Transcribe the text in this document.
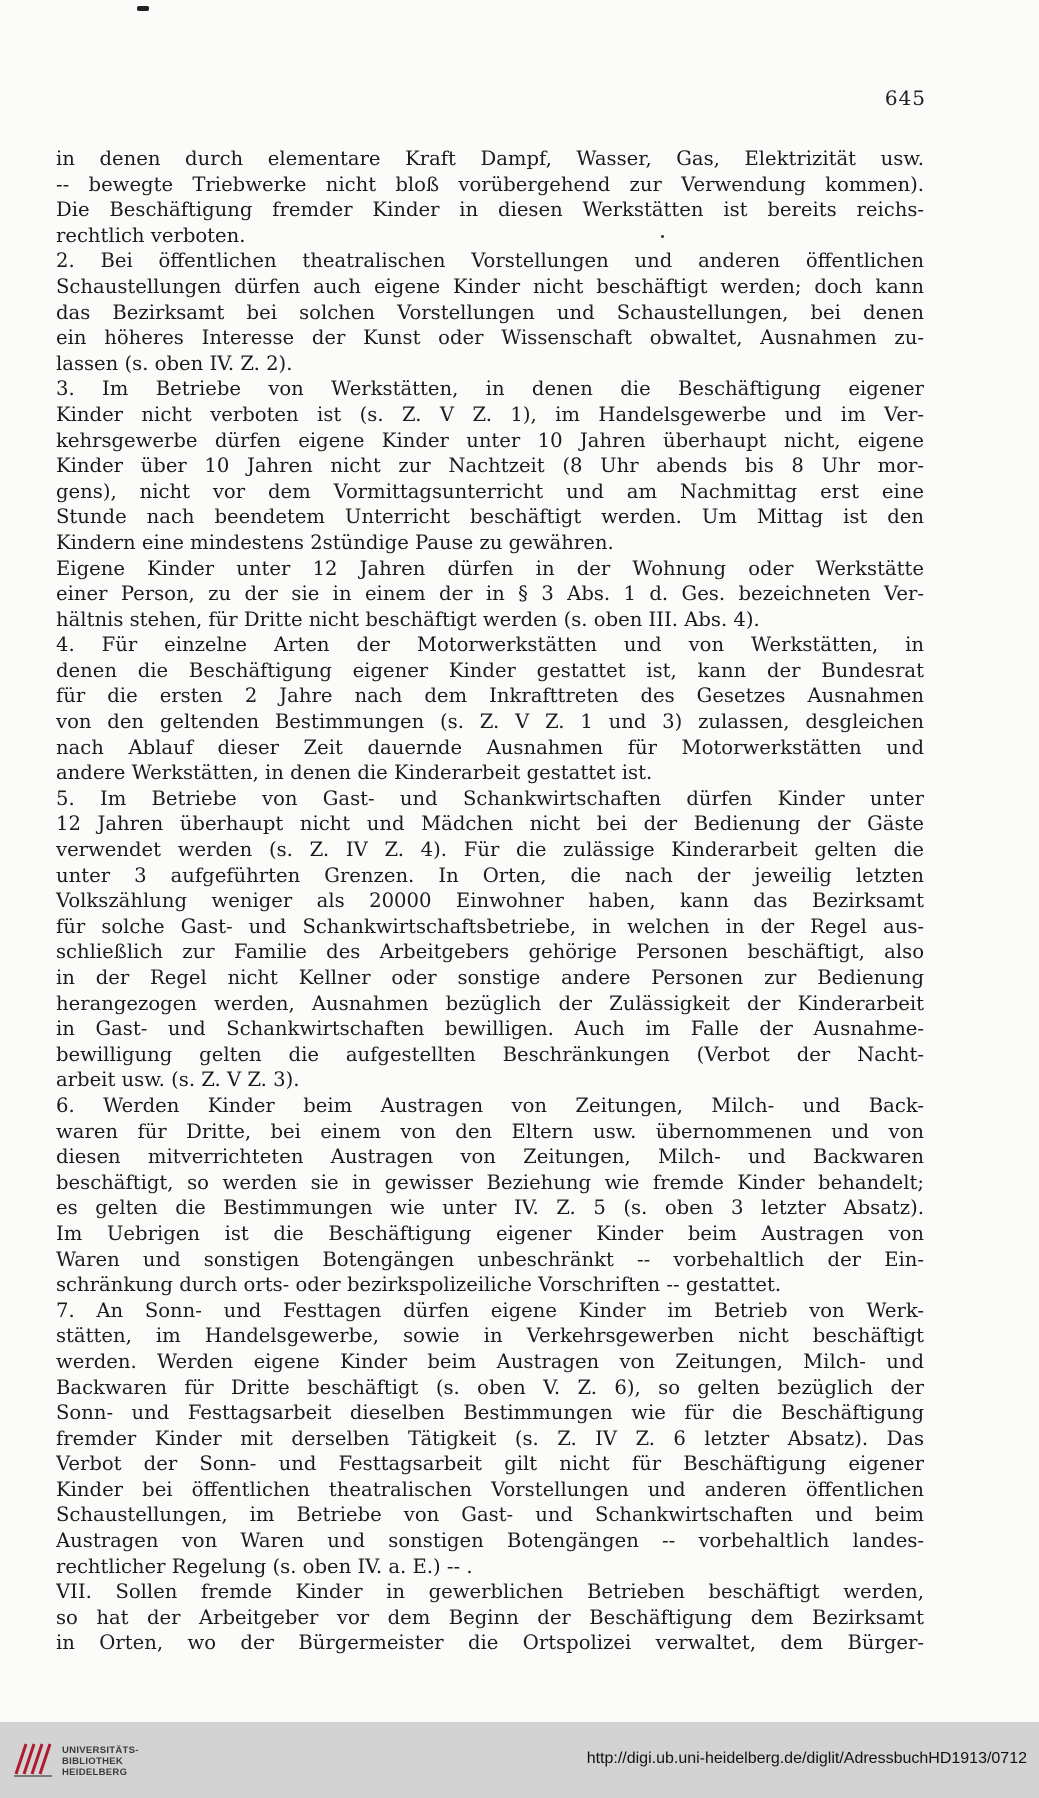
645
in denen durch elementare Kraft Dampf, Wasser, Gas, Elektrizität usw.
-- bewegte Triebwerke nicht bloß vorübergehend zur Verwendung kommen).
Die Beschäftigung fremder Kinder in diesen Werkstätten ist bereits reichs-
rechtlich verboten.
2. Bei öffentlichen theatralischen Vorstellungen und anderen öffentlichen
Schaustellungen dürfen auch eigene Kinder nicht beschäftigt werden; doch kann
das Bezirksamt bei solchen Vorstellungen und Schaustellungen, bei denen
ein höheres Interesse der Kunst oder Wissenschaft obwaltet, Ausnahmen zu-
lassen (s. oben IV. Z. 2).
3. Im Betriebe von Werkstätten, in denen die Beschäftigung eigener
Kinder nicht verboten ist (s. Z. V Z. 1), im Handelsgewerbe und im Ver-
kehrsgewerbe dürfen eigene Kinder unter 10 Jahren überhaupt nicht, eigene
Kinder über 10 Jahren nicht zur Nachtzeit (8 Uhr abends bis 8 Uhr mor-
gens), nicht vor dem Vormittagsunterricht und am Nachmittag erst eine
Stunde nach beendetem Unterricht beschäftigt werden. Um Mittag ist den
Kindern eine mindestens 2stündige Pause zu gewähren.
Eigene Kinder unter 12 Jahren dürfen in der Wohnung oder Werkstätte
einer Person, zu der sie in einem der in § 3 Abs. 1 d. Ges. bezeichneten Ver-
hältnis stehen, für Dritte nicht beschäftigt werden (s. oben III. Abs. 4).
4. Für einzelne Arten der Motorwerkstätten und von Werkstätten, in
denen die Beschäftigung eigener Kinder gestattet ist, kann der Bundesrat
für die ersten 2 Jahre nach dem Inkrafttreten des Gesetzes Ausnahmen
von den geltenden Bestimmungen (s. Z. V Z. 1 und 3) zulassen, desgleichen
nach Ablauf dieser Zeit dauernde Ausnahmen für Motorwerkstätten und
andere Werkstätten, in denen die Kinderarbeit gestattet ist.
5. Im Betriebe von Gast- und Schankwirtschaften dürfen Kinder unter
12 Jahren überhaupt nicht und Mädchen nicht bei der Bedienung der Gäste
verwendet werden (s. Z. IV Z. 4). Für die zulässige Kinderarbeit gelten die
unter 3 aufgeführten Grenzen. In Orten, die nach der jeweilig letzten
Volkszählung weniger als 20000 Einwohner haben, kann das Bezirksamt
für solche Gast- und Schankwirtschaftsbetriebe, in welchen in der Regel aus-
schließlich zur Familie des Arbeitgebers gehörige Personen beschäftigt, also
in der Regel nicht Kellner oder sonstige andere Personen zur Bedienung
herangezogen werden, Ausnahmen bezüglich der Zulässigkeit der Kinderarbeit
in Gast- und Schankwirtschaften bewilligen. Auch im Falle der Ausnahme-
bewilligung gelten die aufgestellten Beschränkungen (Verbot der Nacht-
arbeit usw. (s. Z. V Z. 3).
6. Werden Kinder beim Austragen von Zeitungen, Milch- und Back-
waren für Dritte, bei einem von den Eltern usw. übernommenen und von
diesen mitverrichteten Austragen von Zeitungen, Milch- und Backwaren
beschäftigt, so werden sie in gewisser Beziehung wie fremde Kinder behandelt;
es gelten die Bestimmungen wie unter IV. Z. 5 (s. oben 3 letzter Absatz).
Im Uebrigen ist die Beschäftigung eigener Kinder beim Austragen von
Waren und sonstigen Botengängen unbeschränkt -- vorbehaltlich der Ein-
schränkung durch orts- oder bezirkspolizeiliche Vorschriften -- gestattet.
7. An Sonn- und Festtagen dürfen eigene Kinder im Betrieb von Werk-
stätten, im Handelsgewerbe, sowie in Verkehrsgewerben nicht beschäftigt
werden. Werden eigene Kinder beim Austragen von Zeitungen, Milch- und
Backwaren für Dritte beschäftigt (s. oben V. Z. 6), so gelten bezüglich der
Sonn- und Festtagsarbeit dieselben Bestimmungen wie für die Beschäftigung
fremder Kinder mit derselben Tätigkeit (s. Z. IV Z. 6 letzter Absatz). Das
Verbot der Sonn- und Festtagsarbeit gilt nicht für Beschäftigung eigener
Kinder bei öffentlichen theatralischen Vorstellungen und anderen öffentlichen
Schaustellungen, im Betriebe von Gast- und Schankwirtschaften und beim
Austragen von Waren und sonstigen Botengängen -- vorbehaltlich landes-
rechtlicher Regelung (s. oben IV. a. E.) -- .
VII. Sollen fremde Kinder in gewerblichen Betrieben beschäftigt werden,
so hat der Arbeitgeber vor dem Beginn der Beschäftigung dem Bezirksamt
in Orten, wo der Bürgermeister die Ortspolizei verwaltet, dem Bürger-
UNIVERSITÄTS-
BIBLIOTHEK
HEIDELBERG
http://digi.ub.uni-heidelberg.de/diglit/AdressbuchHD1913/0712
